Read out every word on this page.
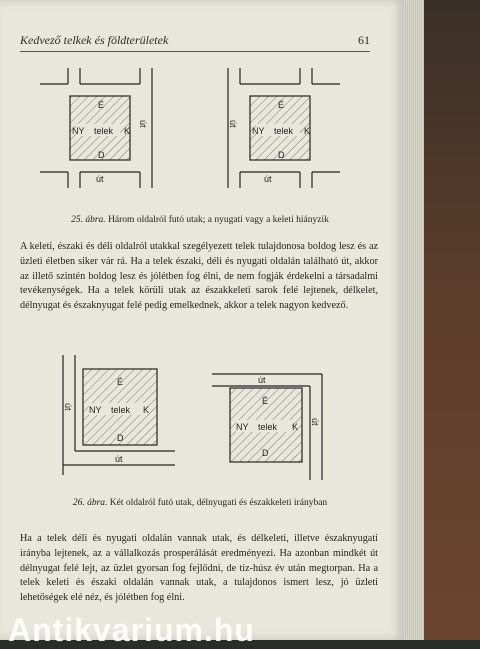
Kedvező telkek és földterületek	61
É
NY telek K
D
út
út
É
NY telek K
D
út
út
25. ábra. Három oldalról futó utak; a nyugati vagy a keleti hiányzik

A keleti, északi és déli oldalról utakkal szegélyezett telek tulajdonosa boldog lesz és az üzleti életben siker vár rá. Ha a telek északi, déli és nyugati oldalán található út, akkor az illető szintén boldog lesz és jólétben fog élni, de nem fogják érdekelni a társadalmi tevékenységek. Ha a telek körüli utak az északkeleti sarok felé lejtenek, délkelet, délnyugat és északnyugat felé pedig emelkednek, akkor a telek nagyon kedvező.

É
NY telek K
D
út
út
É
NY telek K
D
út
út
26. ábra. Két oldalról futó utak, délnyugati és északkeleti irányban

Ha a telek déli és nyugati oldalán vannak utak, és délkeleti, illetve északnyugati irányba lejtenek, az a vállalkozás prosperálását eredményezi. Ha azonban mindkét út délnyugat felé lejt, az üzlet gyorsan fog fejlődni, de tíz-húsz év után megtorpan. Ha a telek keleti és északi oldalán vannak utak, a tulajdonos ismert lesz, jó üzleti lehetőségek elé néz, és jólétben fog élni.

Antikvarium.hu
